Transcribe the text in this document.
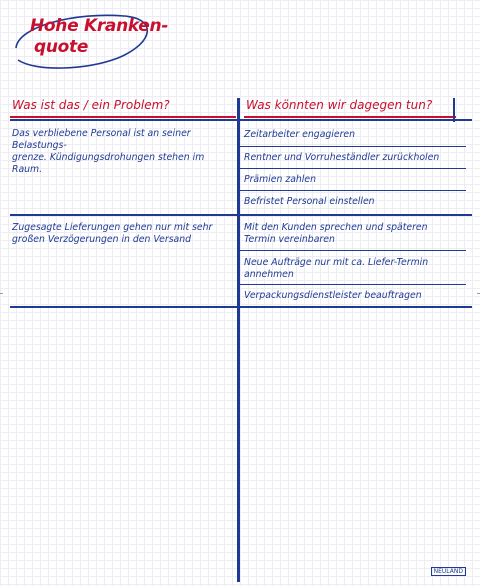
Hohe Kranken-
quote
Was ist das / ein Problem?	Was könnten wir dagegen tun?
Das verbliebene Personal ist an seiner Belastungs-
grenze. Kündigungsdrohungen stehen im Raum.
Zeitarbeiter engagieren
Rentner und Vorruheständler zurückholen
Prämien zahlen
Befristet Personal einstellen
Zugesagte Lieferungen gehen nur mit sehr
großen Verzögerungen in den Versand
Mit den Kunden sprechen und späteren
Termin vereinbaren
Neue Aufträge nur mit ca. Liefer-Termin
annehmen
Verpackungsdienstleister beauftragen
NEULAND
